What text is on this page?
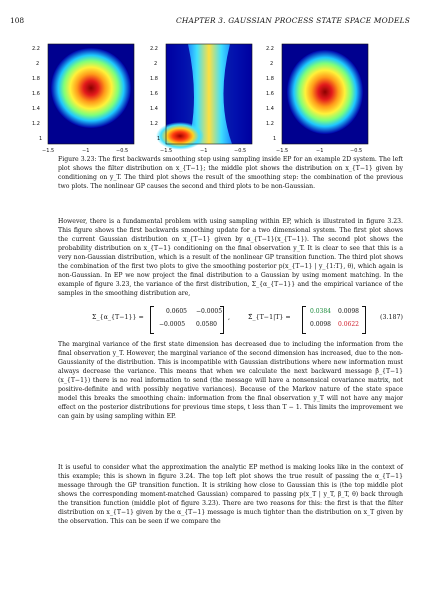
108	CHAPTER 3. GAUSSIAN PROCESS STATE SPACE MODELS
2.2
2
1.8
1.6
1.4
1.2
1
−1.5	−1	−0.5
2.2
2
1.8
1.6
1.4
1.2
1
−1.5	−1	−0.5
2.2
2
1.8
1.6
1.4
1.2
1
−1.5	−1	−0.5
Figure 3.23: The first backwards smoothing step using sampling inside EP for an example 2D system. The left plot shows the filter distribution on x_{T−1}; the middle plot shows the distribution on x_{T−1} given by conditioning on y_T. The third plot shows the result of the smoothing step: the combination of the previous two plots. The nonlinear GP causes the second and third plots to be non-Gaussian.
However, there is a fundamental problem with using sampling within EP, which is illustrated in figure 3.23. This figure shows the first backwards smoothing update for a two dimensional system. The first plot shows the current Gaussian distribution on x_{T−1} given by α_{T−1}(x_{T−1}). The second plot shows the probability distribution on x_{T−1} conditioning on the final observation y_T. It is clear to see that this is a very non-Gaussian distribution, which is a result of the nonlinear GP transition function. The third plot shows the combination of the first two plots to give the smoothing posterior p(x_{T−1} | y_{1:T}, θ), which again is non-Gaussian. In EP we now project the final distribution to a Gaussian by using moment matching. In the example of figure 3.23, the variance of the first distribution, Σ_{α_{T−1}} and the empirical variance of the samples in the smoothing distribution are,
Σ_{α_{T−1}} =
0.0605 −0.0005
−0.0005 0.0580
,	Σ̂_{T−1|T} =
0.0384 0.0098
0.0098 0.0622
(3.187)
The marginal variance of the first state dimension has decreased due to including the information from the final observation y_T. However, the marginal variance of the second dimension has increased, due to the non-Gaussianity of the distribution. This is incompatible with Gaussian distributions where new information must always decrease the variance. This means that when we calculate the next backward message β_{T−1}(x_{T−1}) there is no real information to send (the message will have a nonsensical covariance matrix, not positive-definite and with possibly negative variances). Because of the Markov nature of the state space model this breaks the smoothing chain: information from the final observation y_T will not have any major effect on the posterior distributions for previous time steps, t less than T − 1. This limits the improvement we can gain by using sampling within EP.
It is useful to consider what the approximation the analytic EP method is making looks like in the context of this example; this is shown in figure 3.24. The top left plot shows the true result of passing the α_{T−1} message through the GP transition function. It is striking how close to Gaussian this is (the top middle plot shows the corresponding moment-matched Gaussian) compared to passing p(x_T | y_T, β_T, θ) back through the transition function (middle plot of figure 3.23). There are two reasons for this: the first is that the filter distribution on x_{T−1} given by the α_{T−1} message is much tighter than the distribution on x_T given by the observation. This can be seen if we compare the
